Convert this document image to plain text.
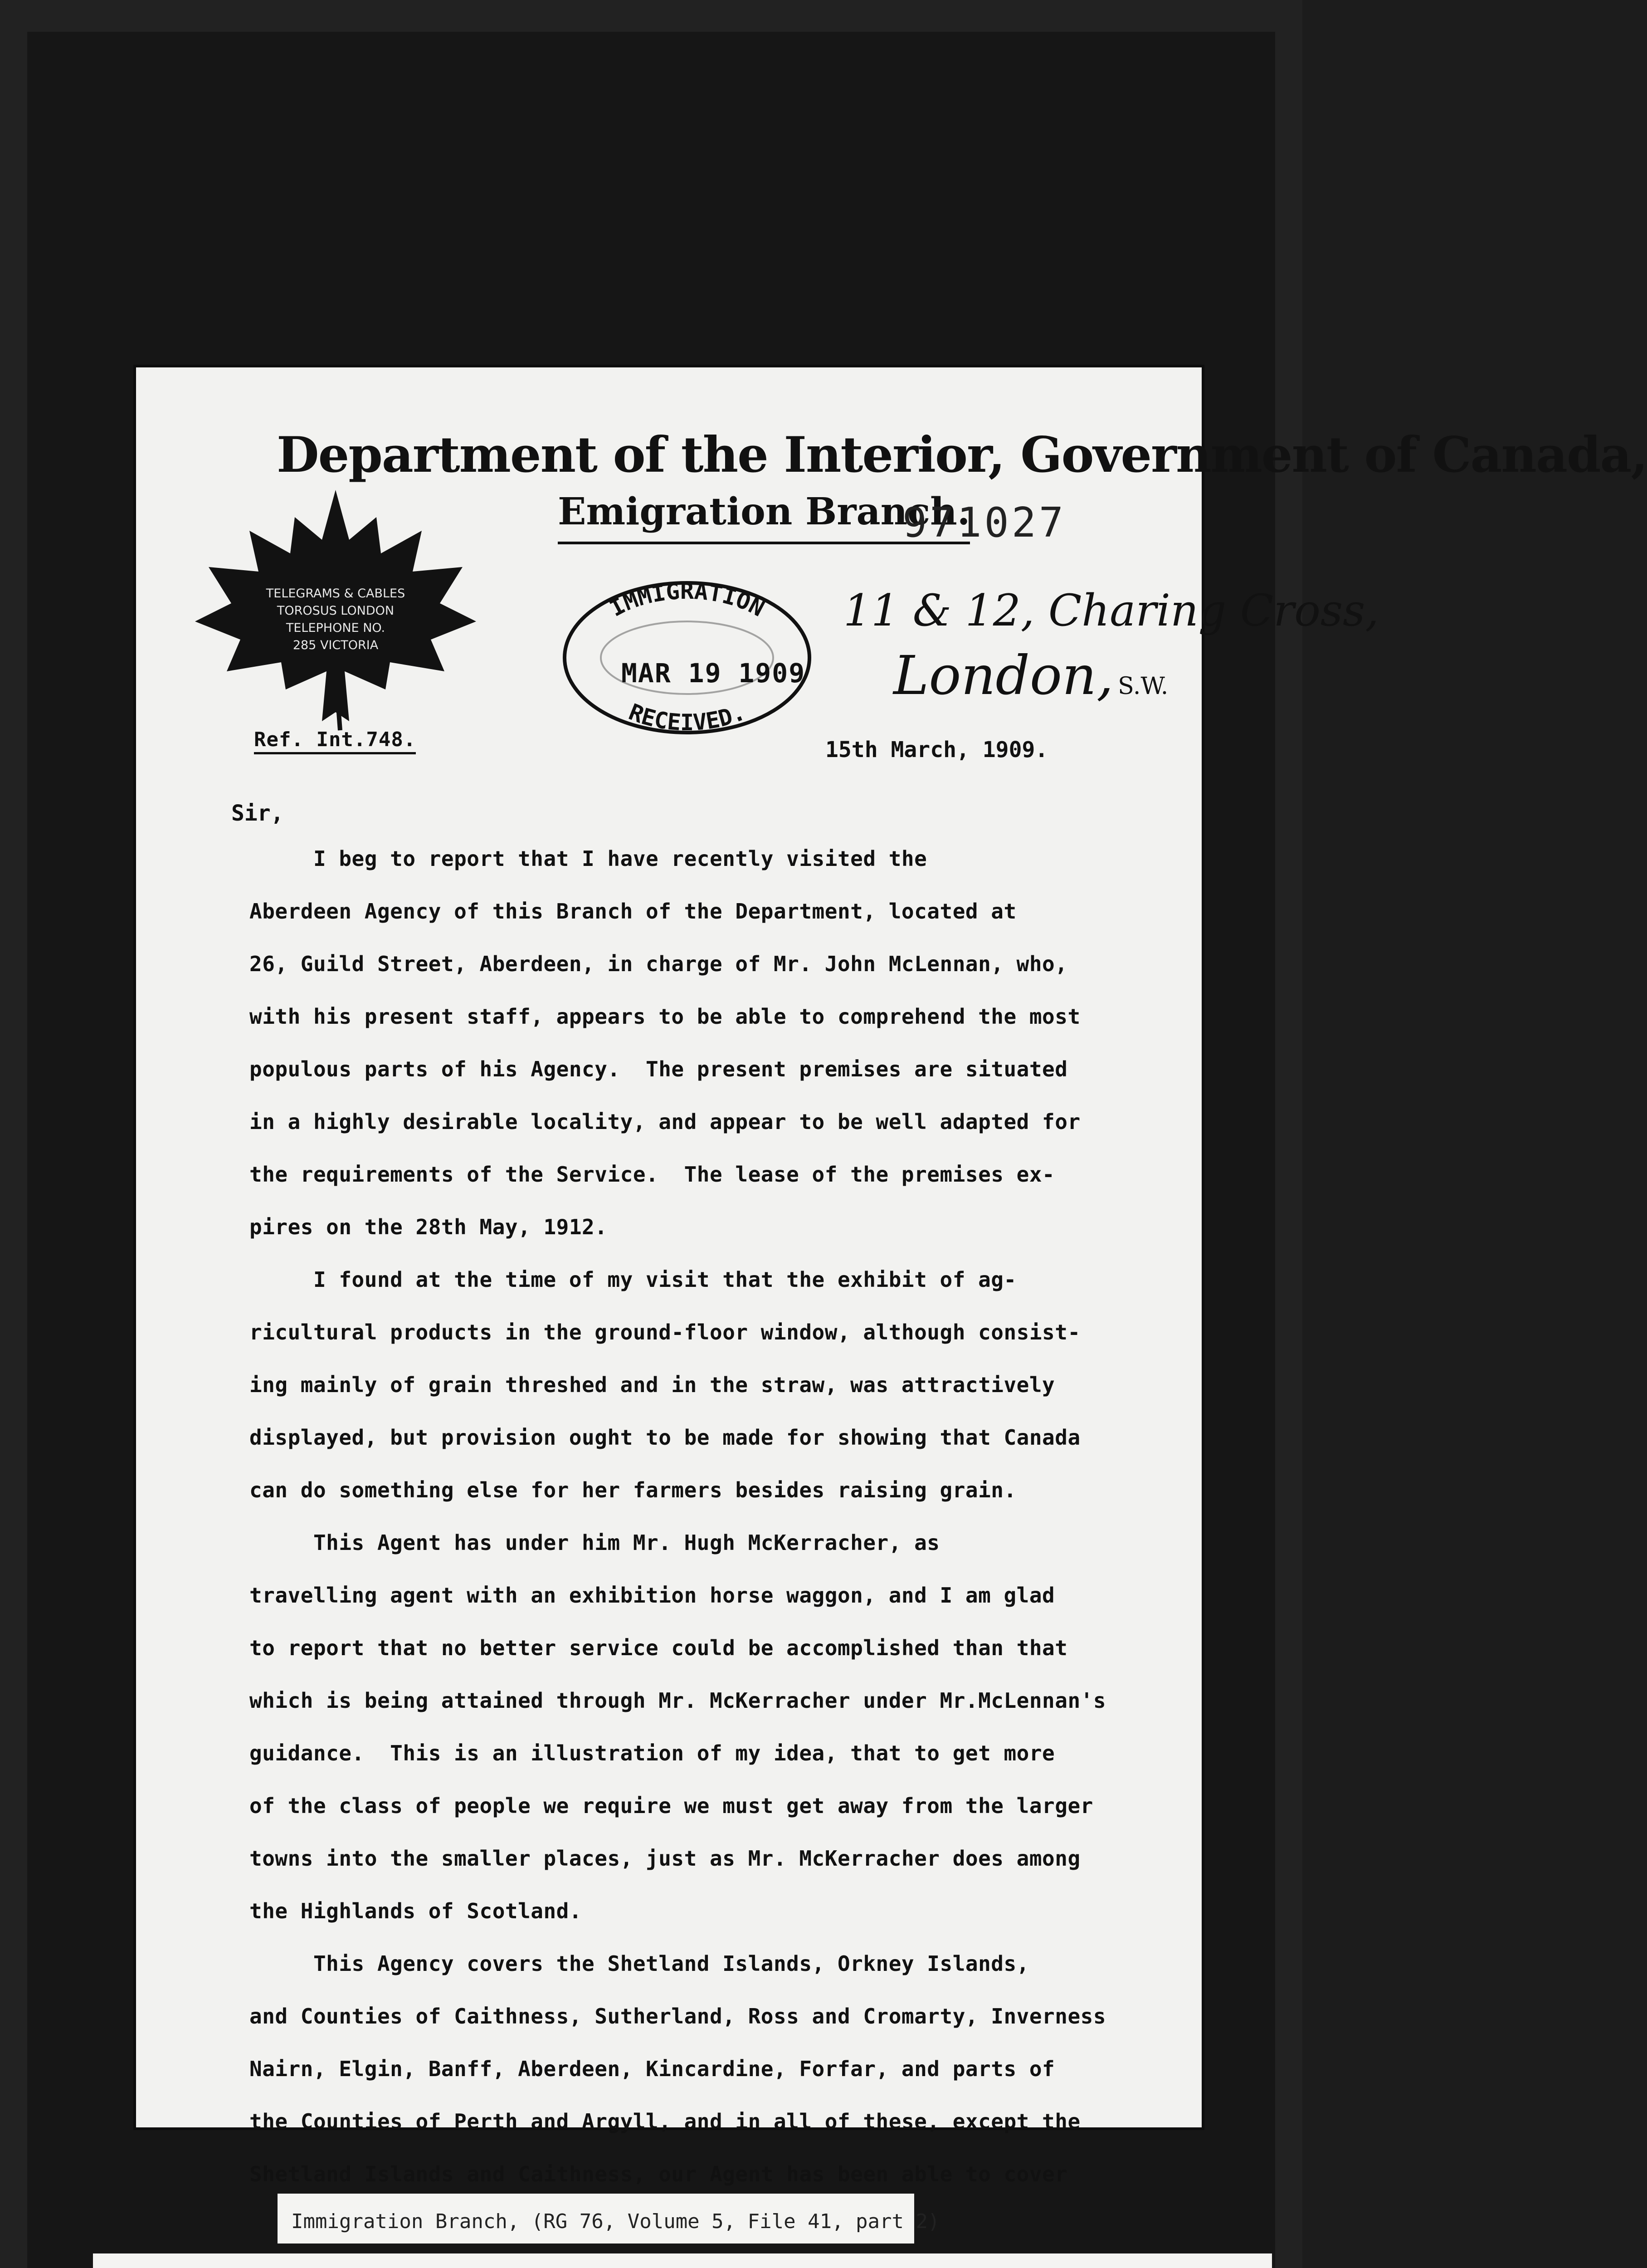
Department of the Interior, Government of Canada,
Emigration Branch.
971027
E.G.
TELEGRAMS & CABLES
TOROSUS LONDON
TELEPHONE NO.
285 VICTORIA
IMMIGRATION
RECEIVED.
MAR 19 1909
11 & 12, Charing Cross,
London, S.W.
Ref. Int.748.	15th March, 1909.
Sir,
I beg to report that I have recently visited the
Aberdeen Agency of this Branch of the Department, located at
26, Guild Street, Aberdeen, in charge of Mr. John McLennan, who,
with his present staff, appears to be able to comprehend the most
populous parts of his Agency.  The present premises are situated
in a highly desirable locality, and appear to be well adapted for
the requirements of the Service.  The lease of the premises ex-
pires on the 28th May, 1912.
I found at the time of my visit that the exhibit of ag-
ricultural products in the ground-floor window, although consist-
ing mainly of grain threshed and in the straw, was attractively
displayed, but provision ought to be made for showing that Canada
can do something else for her farmers besides raising grain.
This Agent has under him Mr. Hugh McKerracher, as
travelling agent with an exhibition horse waggon, and I am glad
to report that no better service could be accomplished than that
which is being attained through Mr. McKerracher under Mr.McLennan's
guidance.  This is an illustration of my idea, that to get more
of the class of people we require we must get away from the larger
towns into the smaller places, just as Mr. McKerracher does among
the Highlands of Scotland.
This Agency covers the Shetland Islands, Orkney Islands,
and Counties of Caithness, Sutherland, Ross and Cromarty, Inverness
Nairn, Elgin, Banff, Aberdeen, Kincardine, Forfar, and parts of
the Counties of Perth and Argyll, and in all of these, except the
Shetland Islands and Caithness, our Agent has been able to cover
Immigration Branch, (RG 76, Volume 5, File 41, part 2)
